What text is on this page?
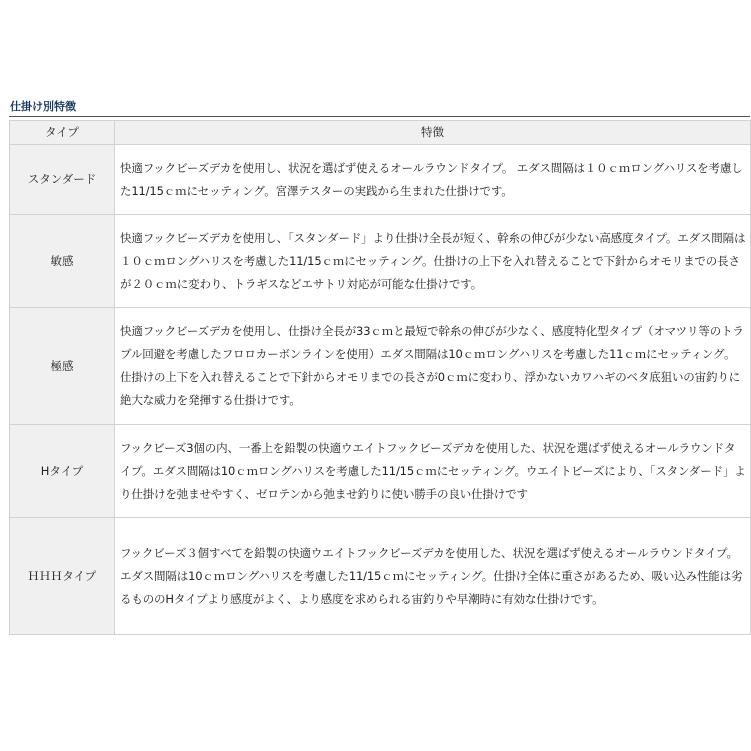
仕掛け別特徴
タイプ	特徴
スタンダード	快適フックビーズデカを使用し、状況を選ばず使えるオールラウンドタイプ。 エダス間隔は１０ｃｍロングハリスを考慮した11/15ｃｍにセッティング。宮澤テスターの実践から生まれた仕掛けです。
敏感	快適フックビーズデカを使用し、「スタンダード」より仕掛け全長が短く、幹糸の伸びが少ない高感度タイプ。エダス間隔は１０ｃｍロングハリスを考慮した11/15ｃｍにセッティング。仕掛けの上下を入れ替えることで下針からオモリまでの長さが２０ｃｍに変わり、トラギスなどエサトリ対応が可能な仕掛けです。
極感	快適フックビーズデカを使用し、仕掛け全長が33ｃｍと最短で幹糸の伸びが少なく、感度特化型タイプ（オマツリ等のトラブル回避を考慮したフロロカーボンラインを使用）エダス間隔は10ｃｍロングハリスを考慮した11ｃｍにセッティング。仕掛けの上下を入れ替えることで下針からオモリまでの長さが0ｃｍに変わり、浮かないカワハギのベタ底狙いの宙釣りに絶大な威力を発揮する仕掛けです。
Hタイプ	フックビーズ3個の内、一番上を鉛製の快適ウエイトフックビーズデカを使用した、状況を選ばず使えるオールラウンドタイプ。エダス間隔は10ｃｍロングハリスを考慮した11/15ｃｍにセッティング。ウエイトビーズにより、「スタンダード」より仕掛けを弛ませやすく、ゼロテンから弛ませ釣りに使い勝手の良い仕掛けです
ＨＨＨタイプ	フックビーズ３個すべてを鉛製の快適ウエイトフックビーズデカを使用した、状況を選ばず使えるオールラウンドタイプ。エダス間隔は10ｃｍロングハリスを考慮した11/15ｃｍにセッティング。仕掛け全体に重さがあるため、吸い込み性能は劣るもののHタイプより感度がよく、より感度を求められる宙釣りや早潮時に有効な仕掛けです。
